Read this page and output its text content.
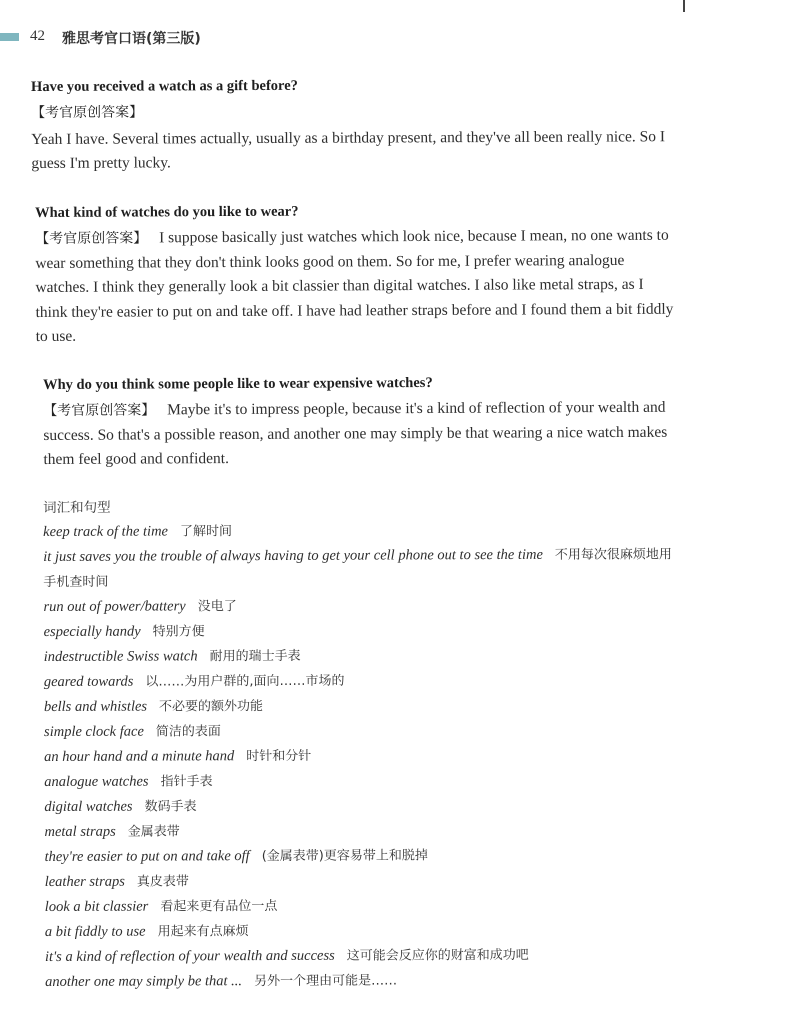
42 雅思考官口语(第三版)

Have you received a watch as a gift before?

【考官原创答案】
Yeah I have. Several times actually, usually as a birthday present, and they've all been really nice. So I guess I'm pretty lucky.

What kind of watches do you like to wear?

【考官原创答案】 I suppose basically just watches which look nice, because I mean, no one wants to wear something that they don't think looks good on them. So for me, I prefer wearing analogue watches. I think they generally look a bit classier than digital watches. I also like metal straps, as I think they're easier to put on and take off. I have had leather straps before and I found them a bit fiddly to use.

Why do you think some people like to wear expensive watches?

【考官原创答案】 Maybe it's to impress people, because it's a kind of reflection of your wealth and success. So that's a possible reason, and another one may simply be that wearing a nice watch makes them feel good and confident.

词汇和句型

keep track of the time 了解时间
it just saves you the trouble of always having to get your cell phone out to see the time 不用每次很麻烦地用手机查时间
run out of power/battery 没电了
especially handy 特别方便
indestructible Swiss watch 耐用的瑞士手表
geared towards 以……为用户群的,面向……市场的
bells and whistles 不必要的额外功能
simple clock face 简洁的表面
an hour hand and a minute hand 时针和分针
analogue watches 指针手表
digital watches 数码手表
metal straps 金属表带
they're easier to put on and take off (金属表带)更容易带上和脱掉
leather straps 真皮表带
look a bit classier 看起来更有品位一点
a bit fiddly to use 用起来有点麻烦
it's a kind of reflection of your wealth and success 这可能会反应你的财富和成功吧
another one may simply be that ... 另外一个理由可能是……
